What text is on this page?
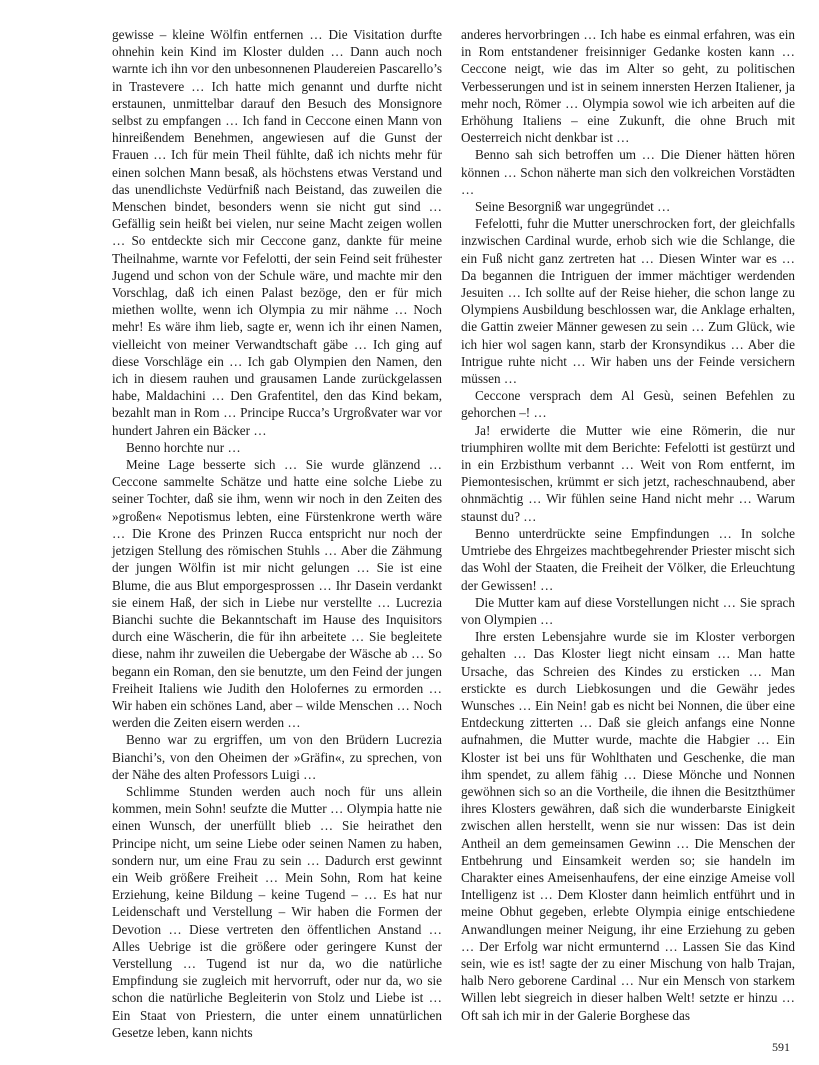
gewisse – kleine Wölfin entfernen … Die Visitation durfte ohnehin kein Kind im Kloster dulden … Dann auch noch warnte ich ihn vor den unbesonnenen Plaudereien Pascarello’s in Trastevere … Ich hatte mich genannt und durfte nicht erstaunen, unmittelbar darauf den Besuch des Monsignore selbst zu empfangen … Ich fand in Ceccone einen Mann von hinreißendem Benehmen, angewiesen auf die Gunst der Frauen … Ich für mein Theil fühlte, daß ich nichts mehr für einen solchen Mann besaß, als höchstens etwas Verstand und das unendlichste Vedürfniß nach Beistand, das zuweilen die Menschen bindet, besonders wenn sie nicht gut sind … Gefällig sein heißt bei vielen, nur seine Macht zeigen wollen … So entdeckte sich mir Ceccone ganz, dankte für meine Theilnahme, warnte vor Fefelotti, der sein Feind seit frühester Jugend und schon von der Schule wäre, und machte mir den Vorschlag, daß ich einen Palast bezöge, den er für mich miethen wollte, wenn ich Olympia zu mir nähme … Noch mehr! Es wäre ihm lieb, sagte er, wenn ich ihr einen Namen, vielleicht von meiner Verwandtschaft gäbe … Ich ging auf diese Vorschläge ein … Ich gab Olympien den Namen, den ich in diesem rauhen und grausamen Lande zurückgelassen habe, Maldachini … Den Grafentitel, den das Kind bekam, bezahlt man in Rom … Principe Rucca’s Urgroßvater war vor hundert Jahren ein Bäcker …

Benno horchte nur …

Meine Lage besserte sich … Sie wurde glänzend … Ceccone sammelte Schätze und hatte eine solche Liebe zu seiner Tochter, daß sie ihm, wenn wir noch in den Zeiten des »großen« Nepotismus lebten, eine Fürstenkrone werth wäre … Die Krone des Prinzen Rucca entspricht nur noch der jetzigen Stellung des römischen Stuhls … Aber die Zähmung der jungen Wölfin ist mir nicht gelungen … Sie ist eine Blume, die aus Blut emporgesprossen … Ihr Dasein verdankt sie einem Haß, der sich in Liebe nur verstellte … Lucrezia Bianchi suchte die Bekanntschaft im Hause des Inquisitors durch eine Wäscherin, die für ihn arbeitete … Sie begleitete diese, nahm ihr zuweilen die Uebergabe der Wäsche ab … So begann ein Roman, den sie benutzte, um den Feind der jungen Freiheit Italiens wie Judith den Holofernes zu ermorden … Wir haben ein schönes Land, aber – wilde Menschen … Noch werden die Zeiten eisern werden …

Benno war zu ergriffen, um von den Brüdern Lucrezia Bianchi’s, von den Oheimen der »Gräfin«, zu sprechen, von der Nähe des alten Professors Luigi …

Schlimme Stunden werden auch noch für uns allein kommen, mein Sohn! seufzte die Mutter … Olympia hatte nie einen Wunsch, der unerfüllt blieb … Sie heirathet den Principe nicht, um seine Liebe oder seinen Namen zu haben, sondern nur, um eine Frau zu sein … Dadurch erst gewinnt ein Weib größere Freiheit … Mein Sohn, Rom hat keine Erziehung, keine Bildung – keine Tugend – … Es hat nur Leidenschaft und Verstellung – Wir haben die Formen der Devotion … Diese vertreten den öffentlichen Anstand … Alles Uebrige ist die größere oder geringere Kunst der Verstellung … Tugend ist nur da, wo die natürliche Empfindung sie zugleich mit hervorruft, oder nur da, wo sie schon die natürliche Begleiterin von Stolz und Liebe ist … Ein Staat von Priestern, die unter einem unnatürlichen Gesetze leben, kann nichts

anderes hervorbringen … Ich habe es einmal erfahren, was ein in Rom entstandener freisinniger Gedanke kosten kann … Ceccone neigt, wie das im Alter so geht, zu politischen Verbesserungen und ist in seinem innersten Herzen Italiener, ja mehr noch, Römer … Olympia sowol wie ich arbeiten auf die Erhöhung Italiens – eine Zukunft, die ohne Bruch mit Oesterreich nicht denkbar ist …

Benno sah sich betroffen um … Die Diener hätten hören können … Schon näherte man sich den volkreichen Vorstädten …

Seine Besorgniß war ungegründet …

Fefelotti, fuhr die Mutter unerschrocken fort, der gleichfalls inzwischen Cardinal wurde, erhob sich wie die Schlange, die ein Fuß nicht ganz zertreten hat … Diesen Winter war es … Da begannen die Intriguen der immer mächtiger werdenden Jesuiten … Ich sollte auf der Reise hieher, die schon lange zu Olympiens Ausbildung beschlossen war, die Anklage erhalten, die Gattin zweier Männer gewesen zu sein … Zum Glück, wie ich hier wol sagen kann, starb der Kronsyndikus … Aber die Intrigue ruhte nicht … Wir haben uns der Feinde versichern müssen …

Ceccone versprach dem Al Gesù, seinen Befehlen zu gehorchen –! …

Ja! erwiderte die Mutter wie eine Römerin, die nur triumphiren wollte mit dem Berichte: Fefelotti ist gestürzt und in ein Erzbisthum verbannt … Weit von Rom entfernt, im Piemontesischen, krümmt er sich jetzt, racheschnaubend, aber ohnmächtig … Wir fühlen seine Hand nicht mehr … Warum staunst du? …

Benno unterdrückte seine Empfindungen … In solche Umtriebe des Ehrgeizes machtbegehrender Priester mischt sich das Wohl der Staaten, die Freiheit der Völker, die Erleuchtung der Gewissen! …

Die Mutter kam auf diese Vorstellungen nicht … Sie sprach von Olympien …

Ihre ersten Lebensjahre wurde sie im Kloster verborgen gehalten … Das Kloster liegt nicht einsam … Man hatte Ursache, das Schreien des Kindes zu ersticken … Man erstickte es durch Liebkosungen und die Gewähr jedes Wunsches … Ein Nein! gab es nicht bei Nonnen, die über eine Entdeckung zitterten … Daß sie gleich anfangs eine Nonne aufnahmen, die Mutter wurde, machte die Habgier … Ein Kloster ist bei uns für Wohlthaten und Geschenke, die man ihm spendet, zu allem fähig … Diese Mönche und Nonnen gewöhnen sich so an die Vortheile, die ihnen die Besitzthümer ihres Klosters gewähren, daß sich die wunderbarste Einigkeit zwischen allen herstellt, wenn sie nur wissen: Das ist dein Antheil an dem gemeinsamen Gewinn … Die Menschen der Entbehrung und Einsamkeit werden so; sie handeln im Charakter eines Ameisenhaufens, der eine einzige Ameise voll Intelligenz ist … Dem Kloster dann heimlich entführt und in meine Obhut gegeben, erlebte Olympia einige entschiedene Anwandlungen meiner Neigung, ihr eine Erziehung zu geben … Der Erfolg war nicht ermunternd … Lassen Sie das Kind sein, wie es ist! sagte der zu einer Mischung von halb Trajan, halb Nero geborene Cardinal … Nur ein Mensch von starkem Willen lebt siegreich in dieser halben Welt! setzte er hinzu … Oft sah ich mir in der Galerie Borghese das

591
